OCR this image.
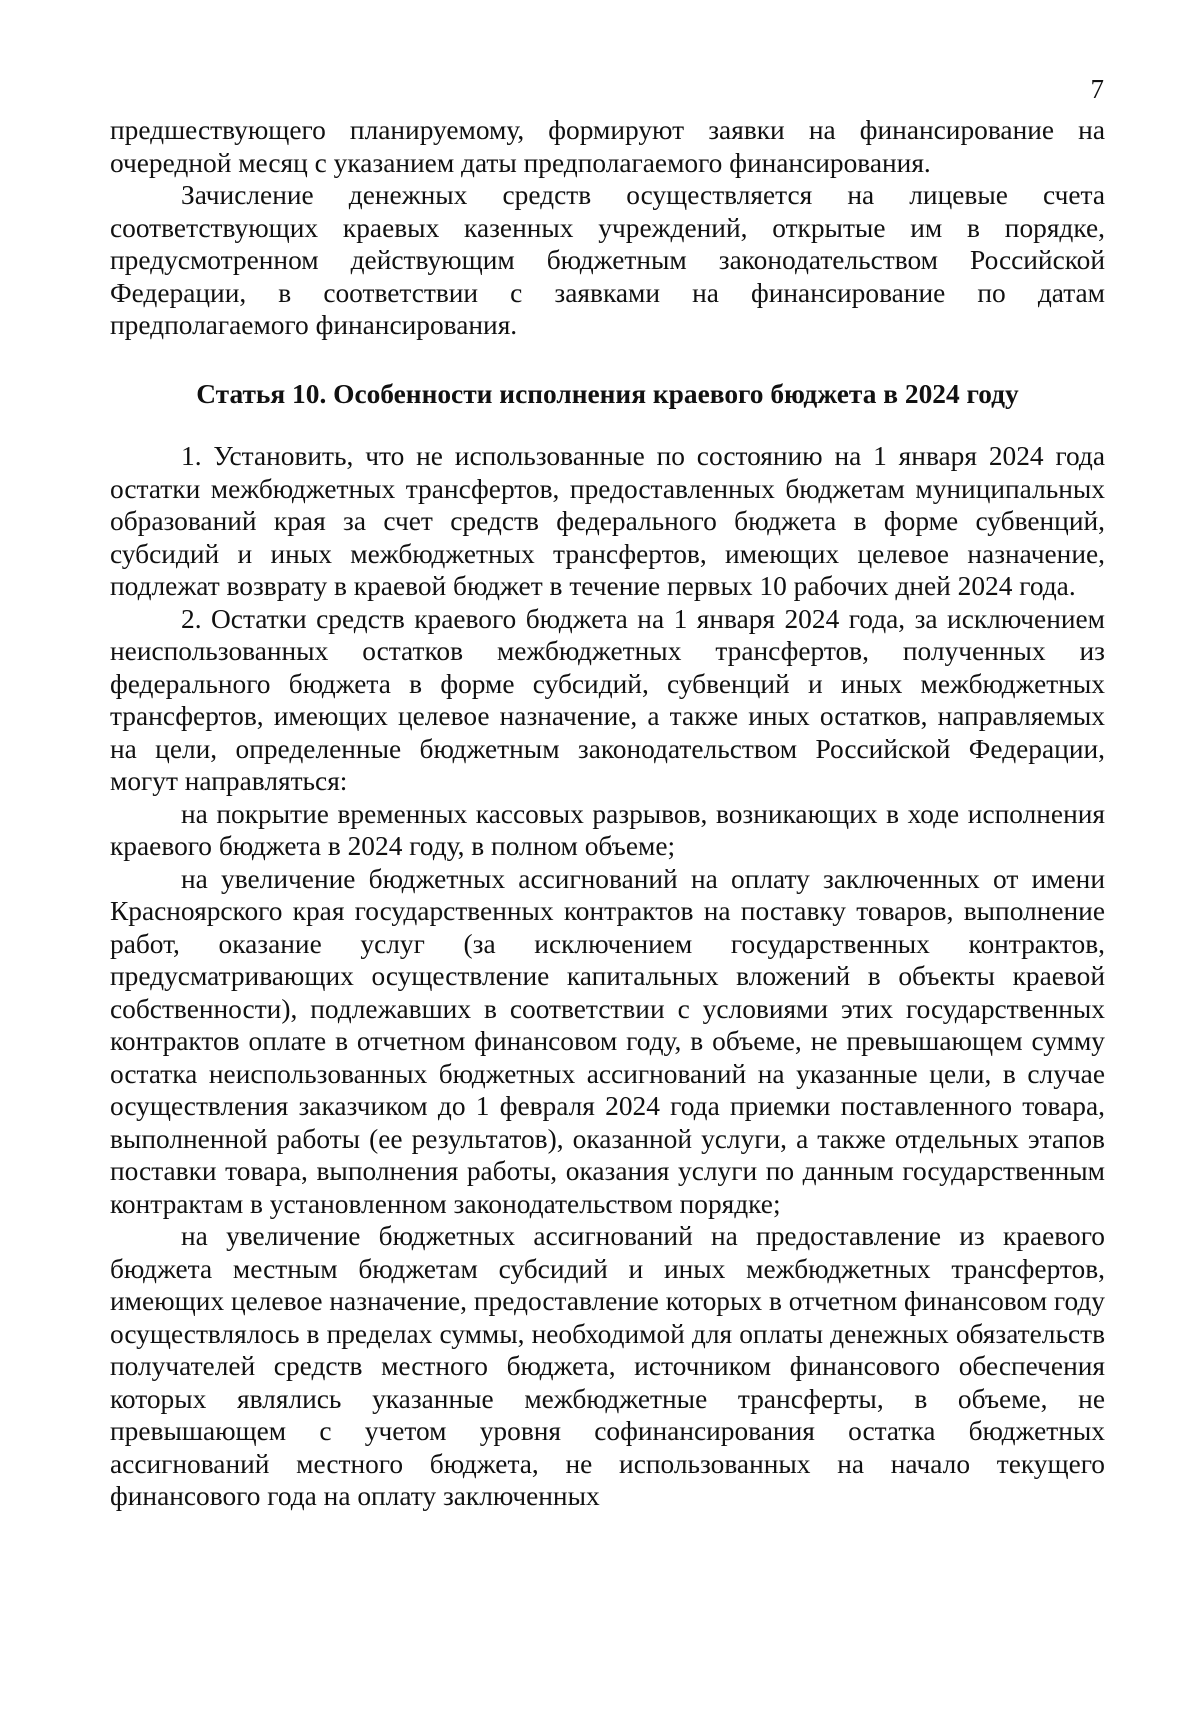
7

предшествующего планируемому, формируют заявки на финансирование на очередной месяц с указанием даты предполагаемого финансирования.

Зачисление денежных средств осуществляется на лицевые счета соответствующих краевых казенных учреждений, открытые им в порядке, предусмотренном действующим бюджетным законодательством Российской Федерации, в соответствии с заявками на финансирование по датам предполагаемого финансирования.

Статья 10. Особенности исполнения краевого бюджета в 2024 году

1. Установить, что не использованные по состоянию на 1 января 2024 года остатки межбюджетных трансфертов, предоставленных бюджетам муниципальных образований края за счет средств федерального бюджета в форме субвенций, субсидий и иных межбюджетных трансфертов, имеющих целевое назначение, подлежат возврату в краевой бюджет в течение первых 10 рабочих дней 2024 года.

2. Остатки средств краевого бюджета на 1 января 2024 года, за исключением неиспользованных остатков межбюджетных трансфертов, полученных из федерального бюджета в форме субсидий, субвенций и иных межбюджетных трансфертов, имеющих целевое назначение, а также иных остатков, направляемых на цели, определенные бюджетным законодательством Российской Федерации, могут направляться:

на покрытие временных кассовых разрывов, возникающих в ходе исполнения краевого бюджета в 2024 году, в полном объеме;

на увеличение бюджетных ассигнований на оплату заключенных от имени Красноярского края государственных контрактов на поставку товаров, выполнение работ, оказание услуг (за исключением государственных контрактов, предусматривающих осуществление капитальных вложений в объекты краевой собственности), подлежавших в соответствии с условиями этих государственных контрактов оплате в отчетном финансовом году, в объеме, не превышающем сумму остатка неиспользованных бюджетных ассигнований на указанные цели, в случае осуществления заказчиком до 1 февраля 2024 года приемки поставленного товара, выполненной работы (ее результатов), оказанной услуги, а также отдельных этапов поставки товара, выполнения работы, оказания услуги по данным государственным контрактам в установленном законодательством порядке;

на увеличение бюджетных ассигнований на предоставление из краевого бюджета местным бюджетам субсидий и иных межбюджетных трансфертов, имеющих целевое назначение, предоставление которых в отчетном финансовом году осуществлялось в пределах суммы, необходимой для оплаты денежных обязательств получателей средств местного бюджета, источником финансового обеспечения которых являлись указанные межбюджетные трансферты, в объеме, не превышающем с учетом уровня софинансирования остатка бюджетных ассигнований местного бюджета, не использованных на начало текущего финансового года на оплату заключенных
